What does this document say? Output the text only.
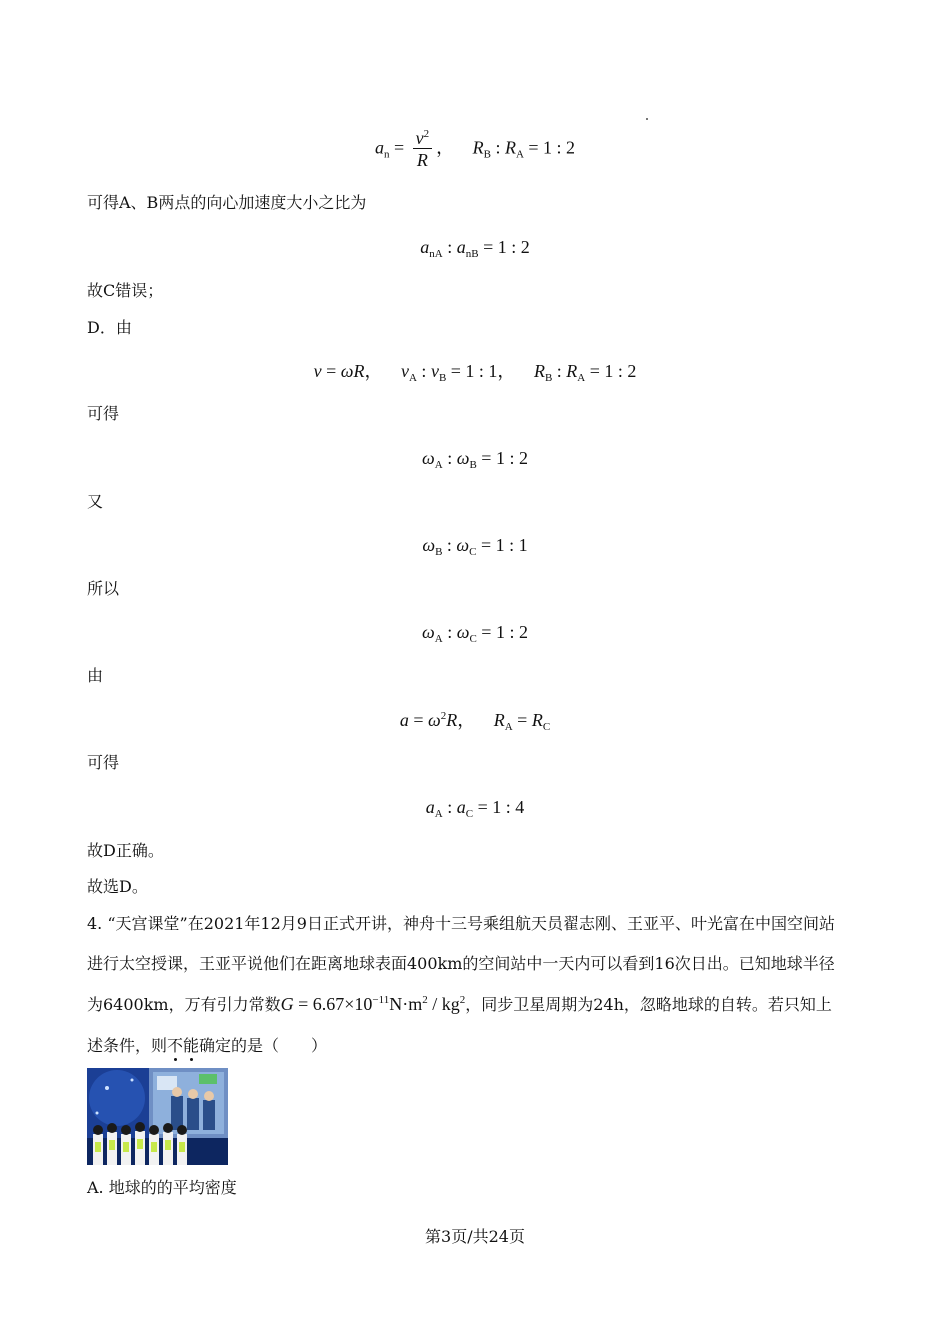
$a_n = \frac{v^2}{R}$ ， $R_B$ : $R_A = 1$ : 2
可得A、B两点的向心加速度大小之比为
$a_{nA}$ : $a_{nB} = 1$ : 2
故C错误；
D．由
v = ωR， $v_A$ : $v_B = 1$ : 1， $R_B$ : $R_A = 1$ : 2
可得
$\omega_A$ : $\omega_B = 1$ : 2
又
$\omega_B$ : $\omega_C = 1$ : 1
所以
$\omega_A$ : $\omega_C = 1$ : 2
由
$a = \omega^2R$， $R_A = R_C$
可得
$a_A$ : $a_C = 1$ : 4
故D正确。
故选D。
4. “天宫课堂”在2021年12月9日正式开讲，神舟十三号乘组航天员翟志刚、王亚平、叶光富在中国空间站
进行太空授课，王亚平说他们在距离地球表面400km的空间站中一天内可以看到16次日出。已知地球半径
为6400km，万有引力常数$G = 6.67\times 10^{-11}N\cdot m^2 / kg^2$，同步卫星周期为24h，忽略地球的自转。若只知上
述条件，则不能确定的是（　　）
A. 地球的的平均密度
第3页/共24页
